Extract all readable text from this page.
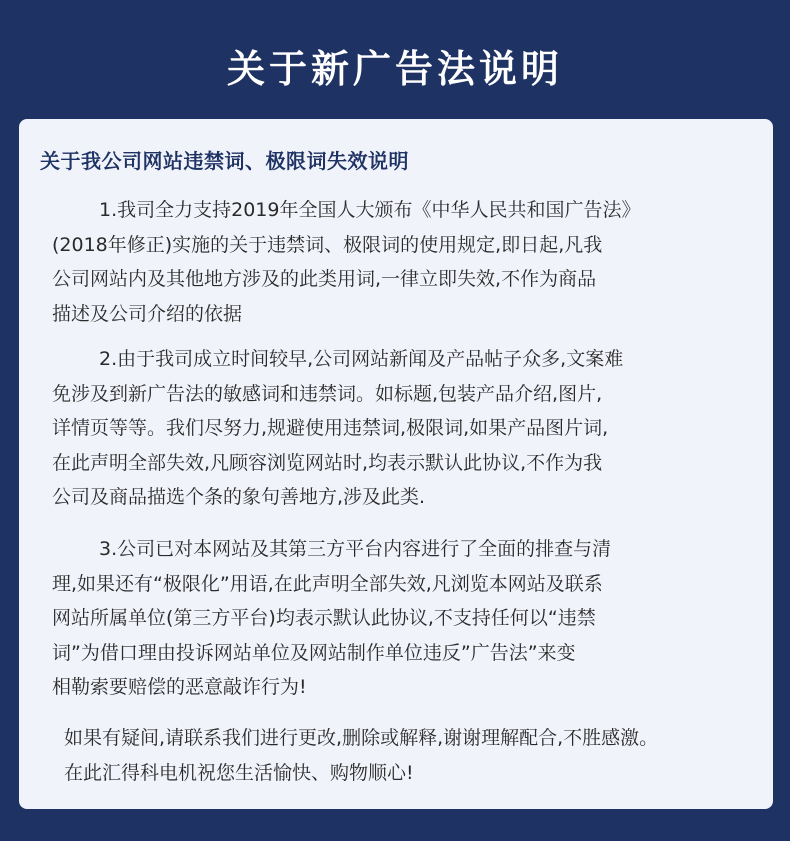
关于新广告法说明
关于我公司网站违禁词、极限词失效说明
1.我司全力支持2019年全国人大颁布《中华人民共和国广告法》
(2018年修正)实施的关于违禁词、极限词的使用规定,即日起,凡我
公司网站内及其他地方涉及的此类用词,一律立即失效,不作为商品
描述及公司介绍的依据
2.由于我司成立时间较早,公司网站新闻及产品帖子众多,文案难
免涉及到新广告法的敏感词和违禁词。如标题,包装产品介绍,图片,
详情页等等。我们尽努力,规避使用违禁词,极限词,如果产品图片词,
在此声明全部失效,凡顾容浏览网站时,均表示默认此协议,不作为我
公司及商品描选个条的象句善地方,涉及此类.
3.公司已对本网站及其第三方平台内容进行了全面的排查与清
理,如果还有“极限化”用语,在此声明全部失效,凡浏览本网站及联系
网站所属单位(第三方平台)均表示默认此协议,不支持任何以“违禁
词”为借口理由投诉网站单位及网站制作单位违反”广告法”来变
相勒索要赔偿的恶意敲诈行为!
如果有疑间,请联系我们进行更改,删除或解释,谢谢理解配合,不胜感激。
在此汇得科电机祝您生活愉快、购物顺心!
